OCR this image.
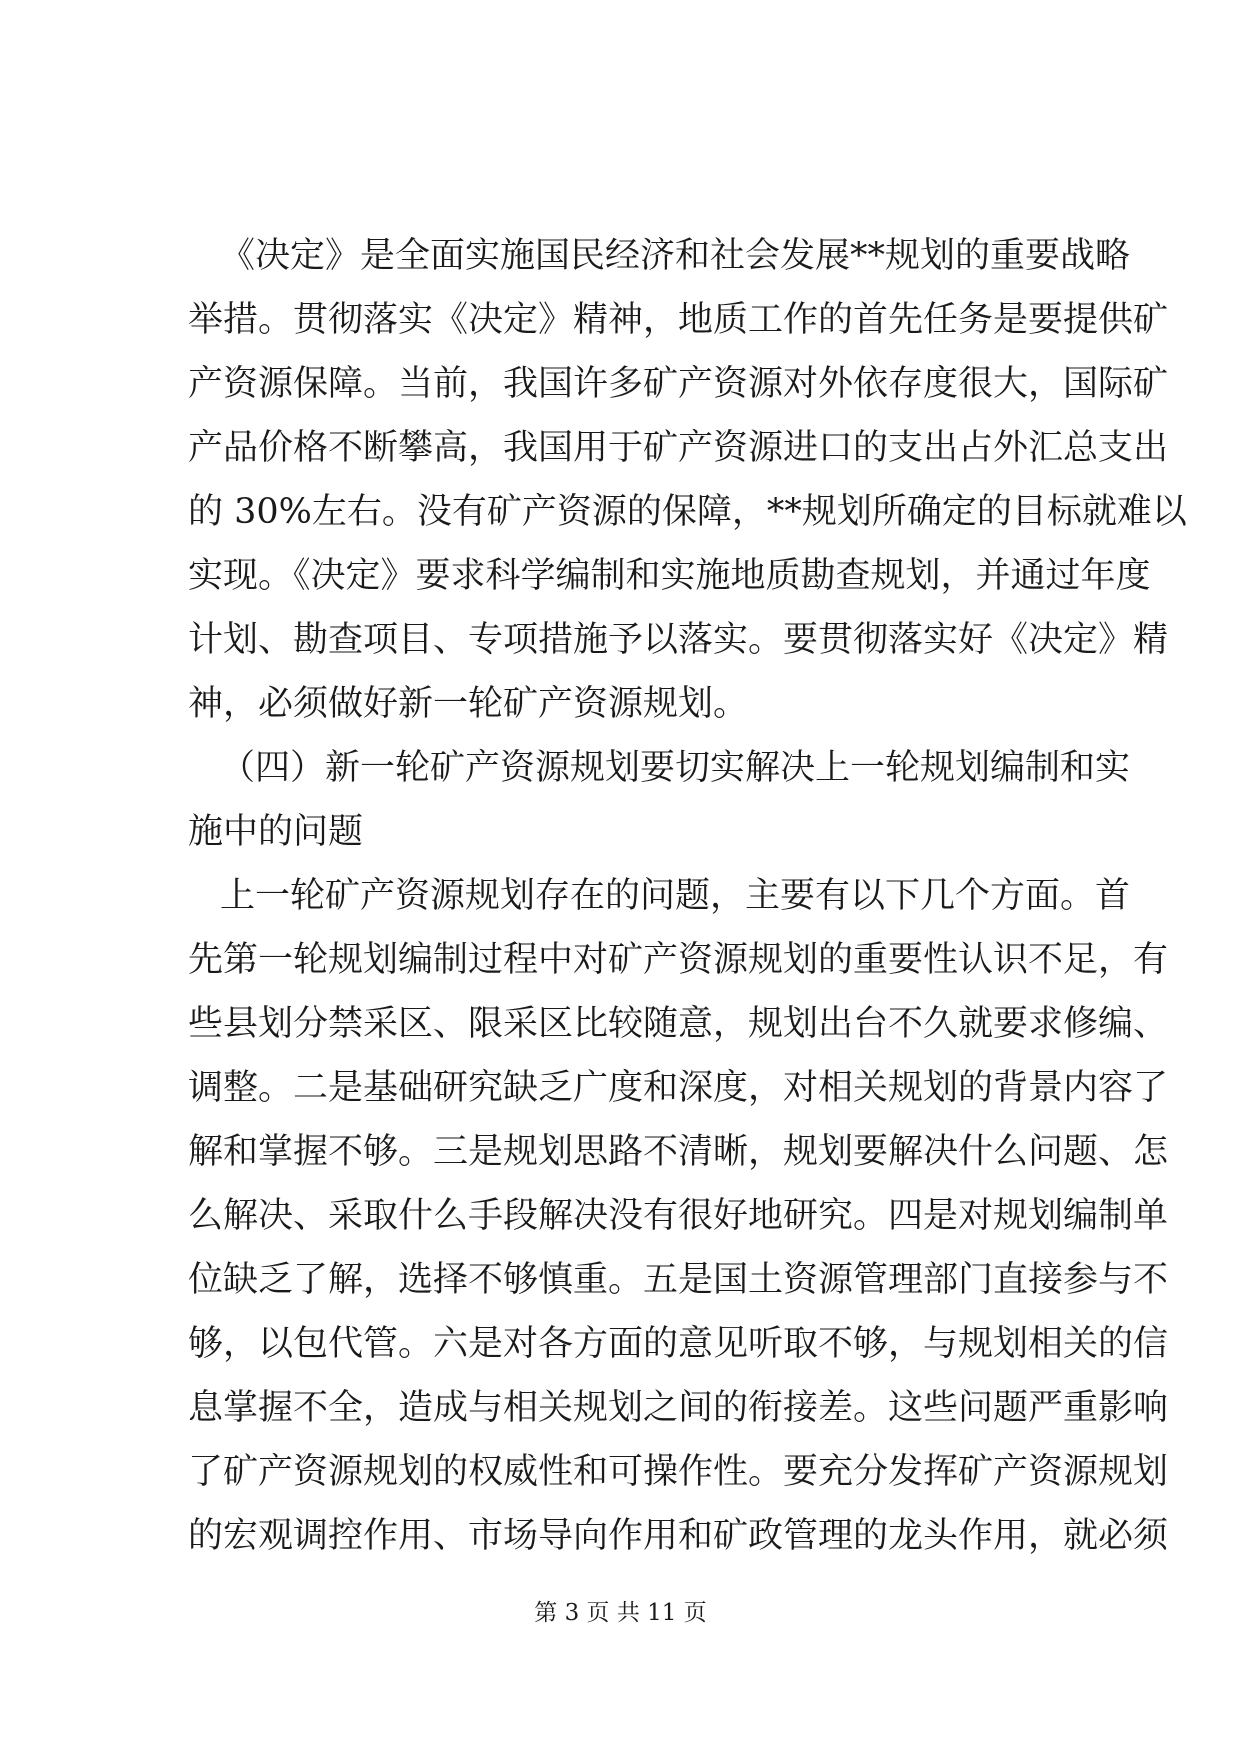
《决定》是全面实施国民经济和社会发展**规划的重要战略
举措。贯彻落实《决定》精神，地质工作的首先任务是要提供矿
产资源保障。当前，我国许多矿产资源对外依存度很大，国际矿
产品价格不断攀高，我国用于矿产资源进口的支出占外汇总支出
的 30%左右。没有矿产资源的保障，**规划所确定的目标就难以
实现。《决定》要求科学编制和实施地质勘查规划，并通过年度
计划、勘查项目、专项措施予以落实。要贯彻落实好《决定》精
神，必须做好新一轮矿产资源规划。
（四）新一轮矿产资源规划要切实解决上一轮规划编制和实
施中的问题
上一轮矿产资源规划存在的问题，主要有以下几个方面。首
先第一轮规划编制过程中对矿产资源规划的重要性认识不足，有
些县划分禁采区、限采区比较随意，规划出台不久就要求修编、
调整。二是基础研究缺乏广度和深度，对相关规划的背景内容了
解和掌握不够。三是规划思路不清晰，规划要解决什么问题、怎
么解决、采取什么手段解决没有很好地研究。四是对规划编制单
位缺乏了解，选择不够慎重。五是国土资源管理部门直接参与不
够，以包代管。六是对各方面的意见听取不够，与规划相关的信
息掌握不全，造成与相关规划之间的衔接差。这些问题严重影响
了矿产资源规划的权威性和可操作性。要充分发挥矿产资源规划
的宏观调控作用、市场导向作用和矿政管理的龙头作用，就必须
第 3 页 共 11 页
